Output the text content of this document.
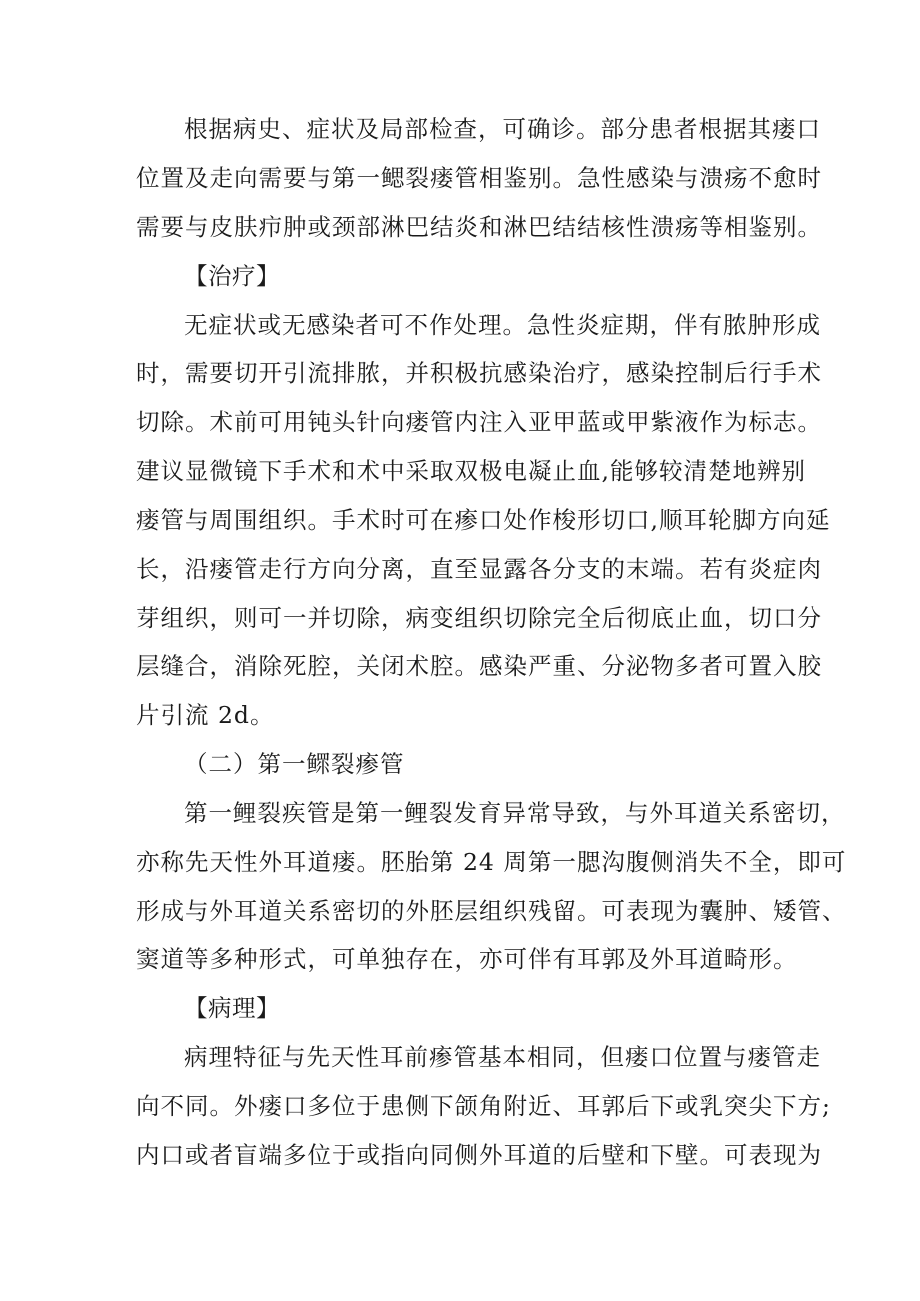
根据病史、症状及局部检查，可确诊。部分患者根据其瘘口
位置及走向需要与第一鳃裂瘘管相鉴别。急性感染与溃疡不愈时
需要与皮肤疖肿或颈部淋巴结炎和淋巴结结核性溃疡等相鉴别。
【治疗】
无症状或无感染者可不作处理。急性炎症期，伴有脓肿形成
时，需要切开引流排脓，并积极抗感染治疗，感染控制后行手术
切除。术前可用钝头针向瘘管内注入亚甲蓝或甲紫液作为标志。
建议显微镜下手术和术中采取双极电凝止血,能够较清楚地辨别
瘘管与周围组织。手术时可在瘆口处作梭形切口,顺耳轮脚方向延
长，沿瘘管走行方向分离，直至显露各分支的末端。若有炎症肉
芽组织，则可一并切除，病变组织切除完全后彻底止血，切口分
层缝合，消除死腔，关闭术腔。感染严重、分泌物多者可置入胶
片引流 2d。
（二）第一鳏裂瘆管
第一鲤裂疾管是第一鲤裂发育异常导致，与外耳道关系密切，
亦称先天性外耳道瘘。胚胎第 24 周第一腮沟腹侧消失不全，即可
形成与外耳道关系密切的外胚层组织残留。可表现为囊肿、矮管、
窦道等多种形式，可单独存在，亦可伴有耳郭及外耳道畸形。
【病理】
病理特征与先天性耳前瘆管基本相同，但瘘口位置与瘘管走
向不同。外瘘口多位于患侧下颌角附近、耳郭后下或乳突尖下方;
内口或者盲端多位于或指向同侧外耳道的后壁和下壁。可表现为
